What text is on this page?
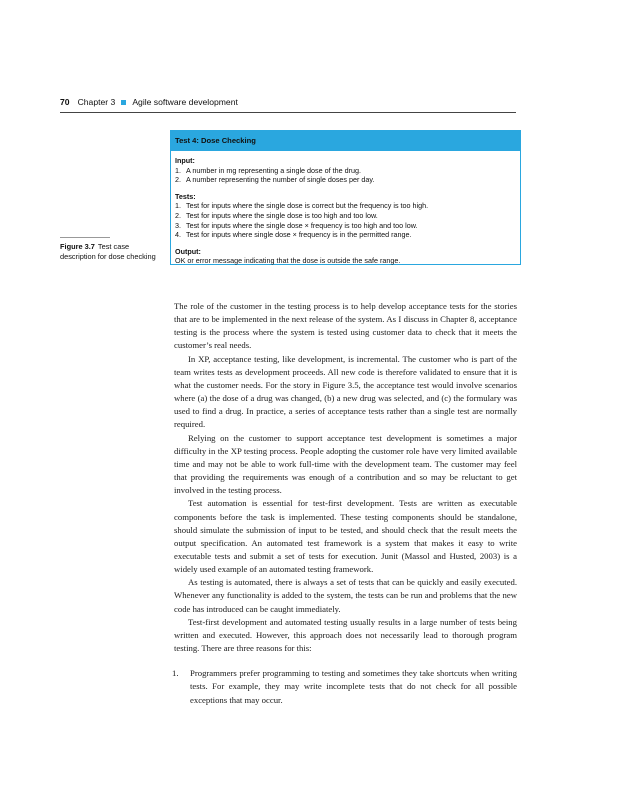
70 Chapter 3 Agile software development
Figure 3.7 Test case description for dose checking
Test 4: Dose Checking
Input:
1. A number in mg representing a single dose of the drug.
2. A number representing the number of single doses per day.
Tests:
1. Test for inputs where the single dose is correct but the frequency is too high.
2. Test for inputs where the single dose is too high and too low.
3. Test for inputs where the single dose × frequency is too high and too low.
4. Test for inputs where single dose × frequency is in the permitted range.
Output:
OK or error message indicating that the dose is outside the safe range.

The role of the customer in the testing process is to help develop acceptance tests for the stories that are to be implemented in the next release of the system. As I discuss in Chapter 8, acceptance testing is the process where the system is tested using customer data to check that it meets the customer’s real needs.

In XP, acceptance testing, like development, is incremental. The customer who is part of the team writes tests as development proceeds. All new code is therefore validated to ensure that it is what the customer needs. For the story in Figure 3.5, the acceptance test would involve scenarios where (a) the dose of a drug was changed, (b) a new drug was selected, and (c) the formulary was used to find a drug. In practice, a series of acceptance tests rather than a single test are normally required.

Relying on the customer to support acceptance test development is sometimes a major difficulty in the XP testing process. People adopting the customer role have very limited available time and may not be able to work full-time with the development team. The customer may feel that providing the requirements was enough of a contribution and so may be reluctant to get involved in the testing process.

Test automation is essential for test-first development. Tests are written as executable components before the task is implemented. These testing components should be standalone, should simulate the submission of input to be tested, and should check that the result meets the output specification. An automated test framework is a system that makes it easy to write executable tests and submit a set of tests for execution. Junit (Massol and Husted, 2003) is a widely used example of an automated testing framework.

As testing is automated, there is always a set of tests that can be quickly and easily executed. Whenever any functionality is added to the system, the tests can be run and problems that the new code has introduced can be caught immediately.

Test-first development and automated testing usually results in a large number of tests being written and executed. However, this approach does not necessarily lead to thorough program testing. There are three reasons for this:

1. Programmers prefer programming to testing and sometimes they take shortcuts when writing tests. For example, they may write incomplete tests that do not check for all possible exceptions that may occur.
